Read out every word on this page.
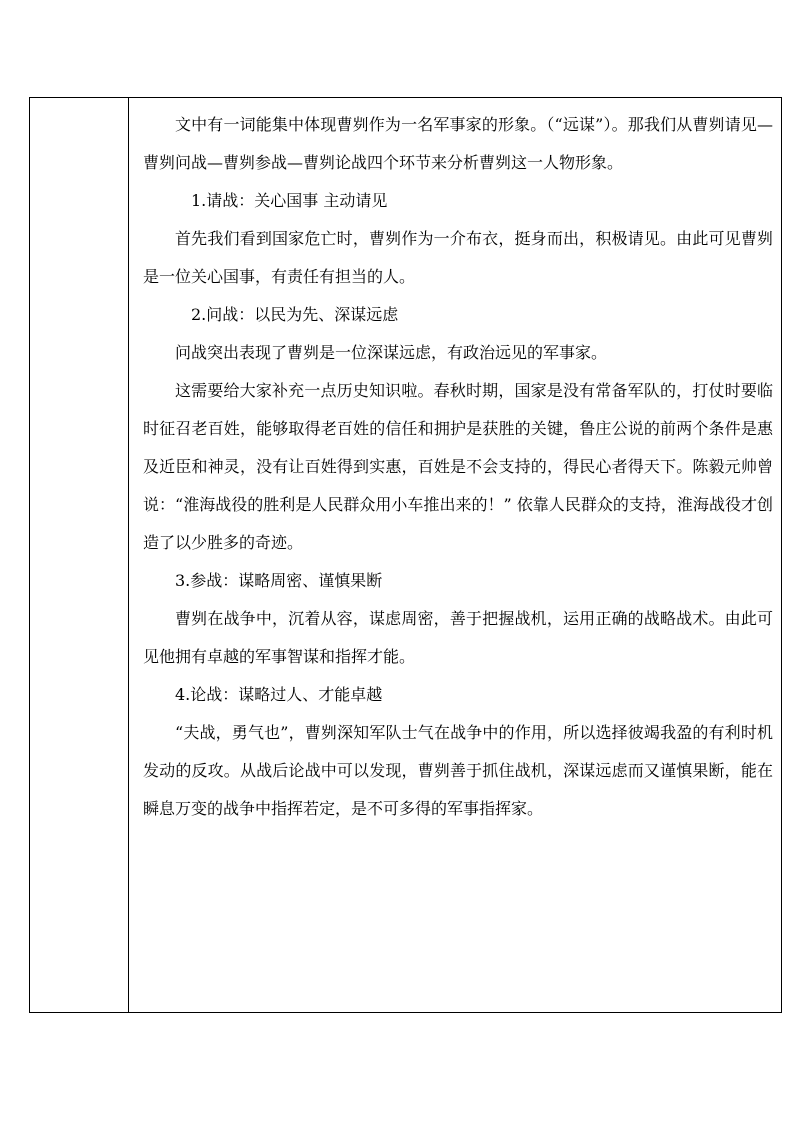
文中有一词能集中体现曹刿作为一名军事家的形象。（“远谋”）。那我们从曹刿请见—曹刿问战—曹刿参战—曹刿论战四个环节来分析曹刿这一人物形象。

1.请战：关心国事 主动请见

首先我们看到国家危亡时，曹刿作为一介布衣，挺身而出，积极请见。由此可见曹刿是一位关心国事，有责任有担当的人。

2.问战：以民为先、深谋远虑

问战突出表现了曹刿是一位深谋远虑，有政治远见的军事家。

这需要给大家补充一点历史知识啦。春秋时期，国家是没有常备军队的，打仗时要临时征召老百姓，能够取得老百姓的信任和拥护是获胜的关键，鲁庄公说的前两个条件是惠及近臣和神灵，没有让百姓得到实惠，百姓是不会支持的，得民心者得天下。陈毅元帅曾说：“淮海战役的胜利是人民群众用小车推出来的！” 依靠人民群众的支持，淮海战役才创造了以少胜多的奇迹。

3.参战：谋略周密、谨慎果断

曹刿在战争中，沉着从容，谋虑周密，善于把握战机，运用正确的战略战术。由此可见他拥有卓越的军事智谋和指挥才能。

4.论战：谋略过人、才能卓越

“夫战，勇气也”，曹刿深知军队士气在战争中的作用，所以选择彼竭我盈的有利时机发动的反攻。从战后论战中可以发现，曹刿善于抓住战机，深谋远虑而又谨慎果断，能在瞬息万变的战争中指挥若定，是不可多得的军事指挥家。
